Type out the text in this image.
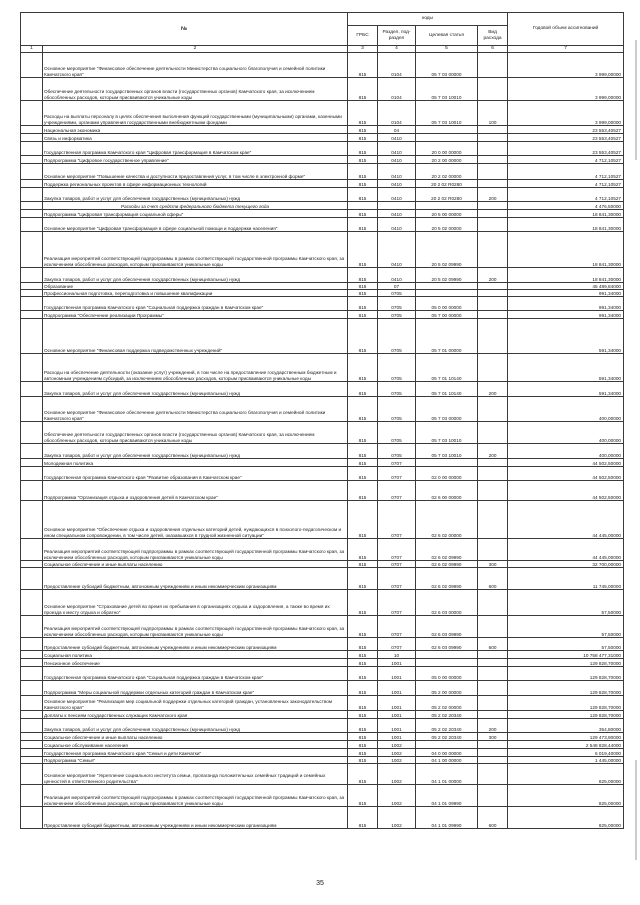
№		коды				Годовой объем ассигнований
		ГРБС	Раздел, под-раздел	Целевая статья	Вид расхода	
1	2	3	4	5	6	7
	Основное мероприятие "Финансовое обеспечение деятельности Министерства социального благополучия и семейной политики Камчатского края"	815	0104	05 7 03 00000		3 999,00000
	Обеспечение деятельности государственных органов власти (государственных органов) Камчатского края, за исключением обособленных расходов, которым присваиваются уникальные коды	815	0104	05 7 03 10010		3 999,00000
	Расходы на выплаты персоналу в целях обеспечения выполнения функций государственными (муниципальными) органами, казенными учреждениями, органами управления государственными внебюджетными фондами	815	0104	05 7 03 10010	100	3 999,00000
	Национальная экономика	815	04			23 553,40527
	Связь и информатика	815	0410			23 553,40527
	Государственная программа Камчатского края "Цифровая трансформация в Камчатском крае"	815	0410	20 0 00 00000		23 553,40527
	Подпрограмма "Цифровое государственное управление"	815	0410	20 2 00 00000		4 712,10527
	Основное мероприятие "Повышение качества и доступности предоставления услуг, в том числе в электронной форме"	815	0410	20 2 02 00000		4 712,10527
	Поддержка региональных проектов в сфере информационных технологий	815	0410	20 2 02 R0280		4 712,10527
	Закупка товаров, работ и услуг для обеспечения государственных (муниципальных) нужд	815	0410	20 2 02 R0280	200	4 712,10527
	Расходы за счет средств федерального бюджета текущего года					4 476,50000
	Подпрограмма "Цифровая трансформация социальной сферы"	815	0410	20 5 00 00000		18 841,30000
	Основное мероприятие "Цифровая трансформация в сфере социальной помощи и поддержки населения"	815	0410	20 5 02 00000		18 841,30000
	Реализация мероприятий соответствующей подпрограммы в рамках соответствующей государственной программы Камчатского края, за исключением обособленных расходов, которым присваиваются уникальные коды	815	0410	20 5 02 09990		18 841,30000
	Закупка товаров, работ и услуг для обеспечения государственных (муниципальных) нужд	815	0410	20 5 02 09990	200	18 841,30000
	Образование	815	07			45 489,84000
	Профессиональная подготовка, переподготовка и повышение квалификации	815	0705			991,34000
	Государственная программа Камчатского края "Социальная поддержка граждан в Камчатском крае"	815	0705	05 0 00 00000		991,34000
	Подпрограмма "Обеспечение реализации Программы"	815	0705	05 7 00 00000		991,34000
	Основное мероприятие "Финансовая поддержка подведомственных учреждений"	815	0705	05 7 01 00000		591,34000
	Расходы на обеспечение деятельности (оказание услуг) учреждений, в том числе на предоставление государственным бюджетным и автономным учреждениям субсидий, за исключением обособленных расходов, которым присваиваются уникальные коды	815	0705	05 7 01 10140		591,34000
	Закупка товаров, работ и услуг для обеспечения государственных (муниципальных) нужд	815	0705	05 7 01 10140	200	591,34000
	Основное мероприятие "Финансовое обеспечение деятельности Министерства социального благополучия и семейной политики Камчатского края"	815	0705	05 7 03 00000		400,00000
	Обеспечение деятельности государственных органов власти (государственных органов) Камчатского края, за исключением обособленных расходов, которым присваиваются уникальные коды	815	0705	05 7 03 10010		400,00000
	Закупка товаров, работ и услуг для обеспечения государственных (муниципальных) нужд	815	0705	05 7 03 10010	200	400,00000
	Молодежная политика	815	0707			44 502,50000
	Государственная программа Камчатского края "Развитие образования в Камчатском крае"	815	0707	02 0 00 00000		44 502,50000
	Подпрограмма "Организация отдыха и оздоровления детей в Камчатском крае"	815	0707	02 6 00 00000		44 502,50000
	Основное мероприятие "Обеспечение отдыха и оздоровления отдельных категорий детей, нуждающихся в психолого-педагогическом и ином специальном сопровождении, в том числе детей, оказавшихся в трудной жизненной ситуации"	815	0707	02 6 02 00000		44 445,00000
	Реализация мероприятий соответствующей подпрограммы в рамках соответствующей государственной программы Камчатского края, за исключением обособленных расходов, которым присваиваются уникальные коды	815	0707	02 6 02 09990		44 445,00000
	Социальное обеспечение и иные выплаты населению	815	0707	02 6 02 09990	300	32 700,00000
	Предоставление субсидий бюджетным, автономным учреждениям и иным некоммерческим организациям	815	0707	02 6 02 09990	600	11 745,00000
	Основное мероприятие "Страхование детей во время их пребывания в организациях отдыха и оздоровления, а также во время их проезда к месту отдыха и обратно"	815	0707	02 6 03 00000		57,50000
	Реализация мероприятий соответствующей подпрограммы в рамках соответствующей государственной программы Камчатского края, за исключением обособленных расходов, которым присваиваются уникальные коды	815	0707	02 6 03 09990		57,50000
	Предоставление субсидий бюджетным, автономным учреждениям и иным некоммерческим организациям	815	0707	02 6 03 09990	600	57,50000
	Социальная политика	815	10			10 758 477,31000
	Пенсионное обеспечение	815	1001			129 828,70000
	Государственная программа Камчатского края "Социальная поддержка граждан в Камчатском крае"	815	1001	05 0 00 00000		129 828,70000
	Подпрограмма "Меры социальной поддержки отдельных категорий граждан в Камчатском крае"	815	1001	05 2 00 00000		129 828,70000
	Основное мероприятие "Реализация мер социальной поддержки отдельных категорий граждан, установленных законодательством Камчатского края"	815	1001	05 2 02 00000		129 828,70000
	Доплаты к пенсиям государственных служащих Камчатского края	815	1001	05 2 02 20340		129 828,70000
	Закупка товаров, работ и услуг для обеспечения государственных (муниципальных) нужд	815	1001	05 2 02 20340	200	354,80000
	Социальное обеспечение и иные выплаты населению	815	1001	05 2 02 20340	300	129 473,90000
	Социальное обслуживание населения	815	1002			2 548 828,44000
	Государственная программа Камчатского края "Семья и дети Камчатки"	815	1002	04 0 00 00000		6 019,40000
	Подпрограмма "Семья"	815	1002	04 1 00 00000		1 445,00000
	Основное мероприятие "Укрепление социального института семьи, пропаганда положительных семейных традиций и семейных ценностей в ответственного родительства"	815	1002	04 1 01 00000		825,00000
	Реализация мероприятий соответствующей подпрограммы в рамках соответствующей государственной программы Камчатского края, за исключением обособленных расходов, которым присваиваются уникальные коды	815	1002	04 1 01 09990		825,00000
	Предоставление субсидий бюджетным, автономным учреждениям и иным некоммерческим организациям	815	1002	04 1 01 09990	600	825,00000
35
